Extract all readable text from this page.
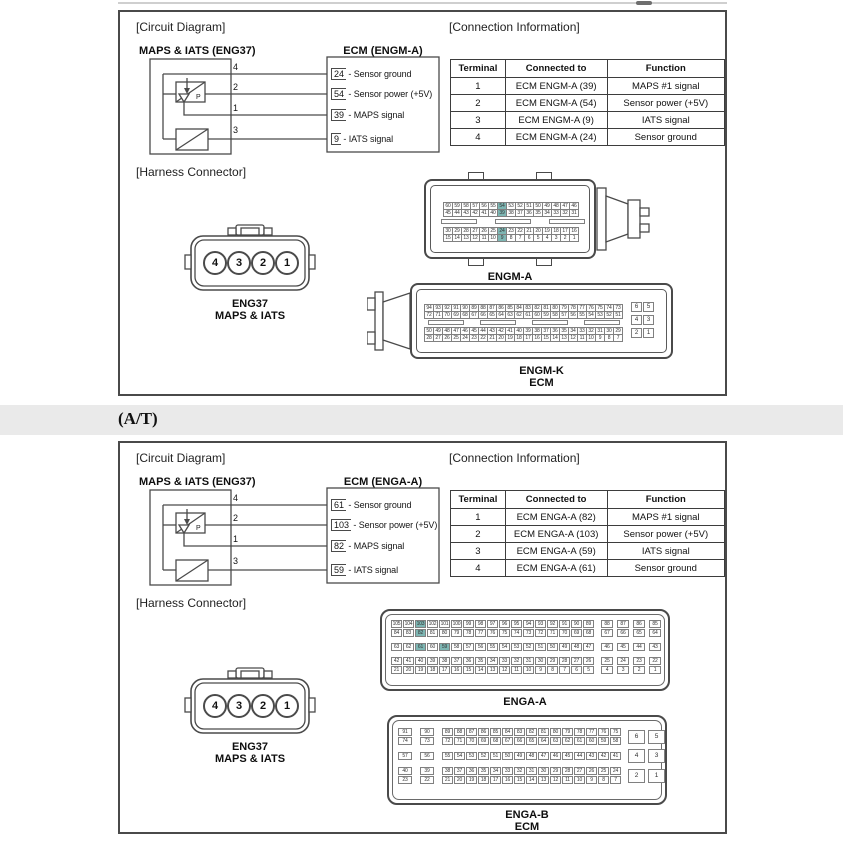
[Circuit Diagram]	[Connection Information]
MAPS & IATS (ENG37)	ECM (ENGM-A)
P
4
2
1
3
24 - Sensor ground
54 - Sensor power (+5V)
39 - MAPS signal
9 - IATS signal
Terminal	Connected to	Function
1	ECM ENGM-A (39)	MAPS #1 signal
2	ECM ENGM-A (54)	Sensor power (+5V)
3	ECM ENGM-A (9)	IATS signal
4	ECM ENGM-A (24)	Sensor ground
[Harness Connector]
4	3	2	1
ENG37
MAPS & IATS
60 59 58 57 56 55 54 53 52 51 50 49 48 47 46
45 44 43 42 41 40 39 38 37 36 35 34 33 32 31
30 29 28 27 26 25 24 23 22 21 20 19 18 17 16
15 14 13 12 11 10	9	8	7	6	5	4	3	2	1
ENGM-A
94 93 92 91 90 89 88 87 86 85 84 83 82 81 80 79 78 77 76 75 74 73
72 71 70 69 68 67 66 65 64 63 62 61 60 59 58 57 56 55 54 53 52 51
50 49 48 47 46 45 44 43 42 41 40 39 38 37 36 35 34 33 32 31 30 29
28 27 26 25 24 23 22 21 20 19 18 17 16 15 14 13 12 11 10	9	8	7
6	5
4	3
2	1
ENGM-K
ECM
(A/T)
[Circuit Diagram]	[Connection Information]
MAPS & IATS (ENG37)	ECM (ENGA-A)
P
4
2
1
3
61 - Sensor ground
103 - Sensor power (+5V)
82 - MAPS signal
59 - IATS signal
Terminal	Connected to	Function
1	ECM ENGA-A (82)	MAPS #1 signal
2	ECM ENGA-A (103)	Sensor power (+5V)
3	ECM ENGA-A (59)	IATS signal
4	ECM ENGA-A (61)	Sensor ground
[Harness Connector]
4	3	2	1
ENG37
MAPS & IATS
105 104 103 102 101 100	99	98	97	96	95	94	93	92	91	90	89
84	83	82	81	80	79	78	77	76	75	74	73	72	71	70	69	68
63	62	61	60	59	58	57	56	55	54	53	52	51	50	49	48	47
42	41	40	39	38	37	36	35	34	33	32	31	30	29	28	27	26
21	20	19	18	17	16	15	14	13	12	11	10	9	8	7	6	5
88	87	86	85
67	66	65	64
46	45	44	43
25	24	23	22
4	3	2	1
ENGA-A
91
74
57
40
23
90
73
56
39
22
89	88	87	86	85	84	83	82	81	80	79	78	77	76	75
72	71	70	69	68	67	66	65	64	63	62	61	60	59	58
55	54	53	52	51	50	49	48	47	46	45	44	43	42	41
38	37	36	35	34	33	32	31	30	29	28	27	26	25	24
21	20	19	18	17	16	15	14	13	12	11	10	9	8	7
6	5
4	3
2	1
ENGA-B
ECM
